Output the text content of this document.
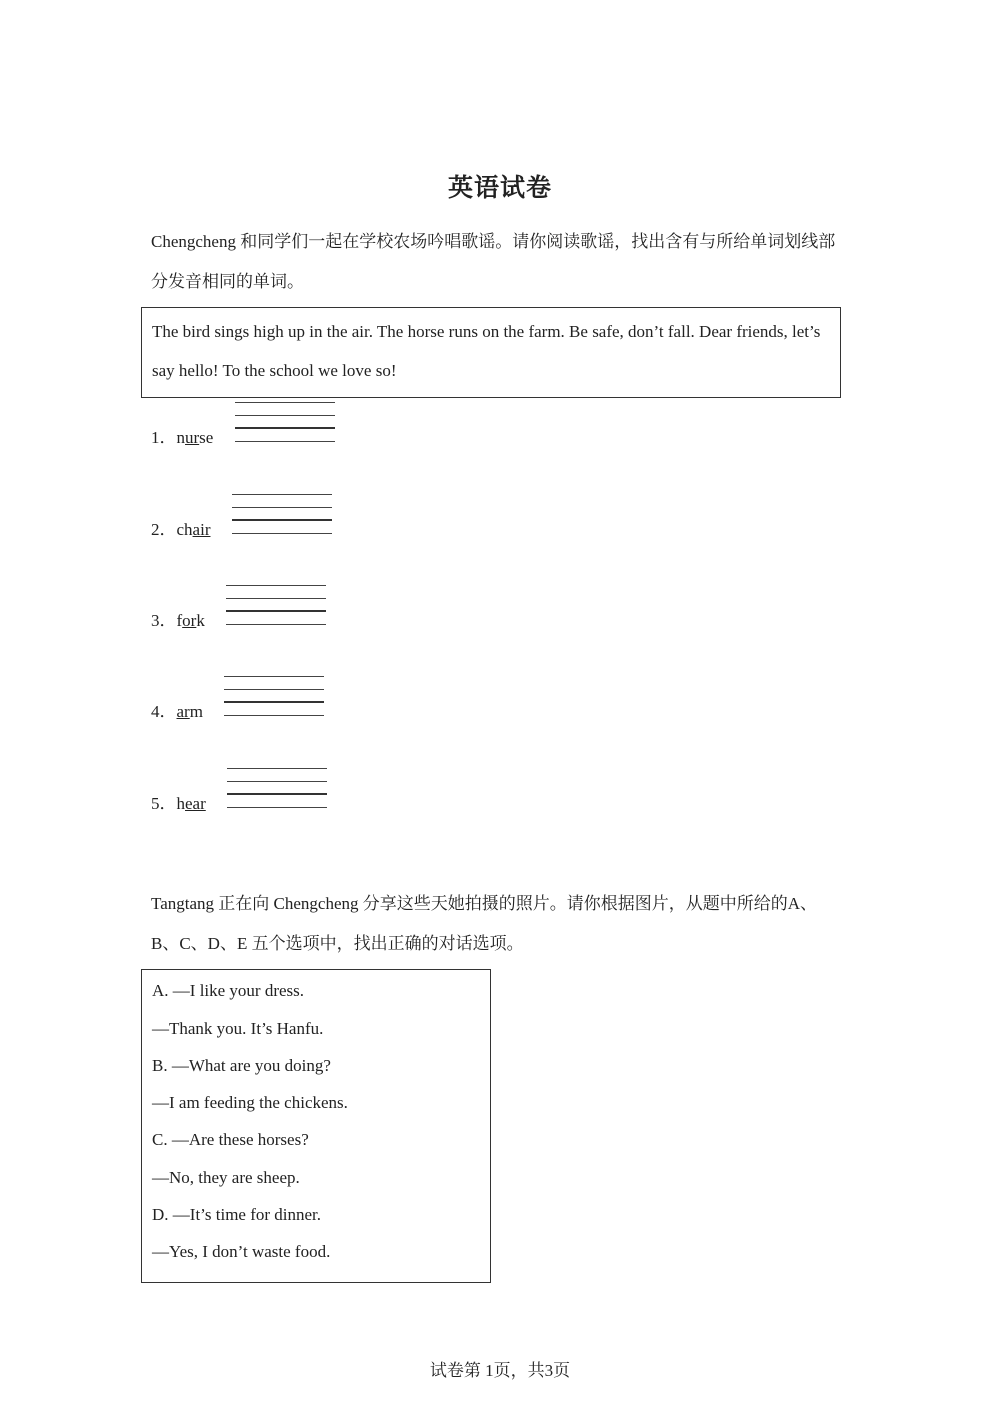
英语试卷
Chengcheng 和同学们一起在学校农场吟唱歌谣。请你阅读歌谣，找出含有与所给单词划线部分发音相同的单词。
The bird sings high up in the air. The horse runs on the farm. Be safe, don’t fall. Dear friends, let’s say hello! To the school we love so!
1．nurse
2．chair
3．fork
4．arm
5．hear
Tangtang 正在向 Chengcheng 分享这些天她拍摄的照片。请你根据图片，从题中所给的A、B、C、D、E 五个选项中，找出正确的对话选项。
A. —I like your dress.
—Thank you. It’s Hanfu.
B. —What are you doing?
—I am feeding the chickens.
C. —Are these horses?
—No, they are sheep.
D. —It’s time for dinner.
—Yes, I don’t waste food.
试卷第 1页，共3页
